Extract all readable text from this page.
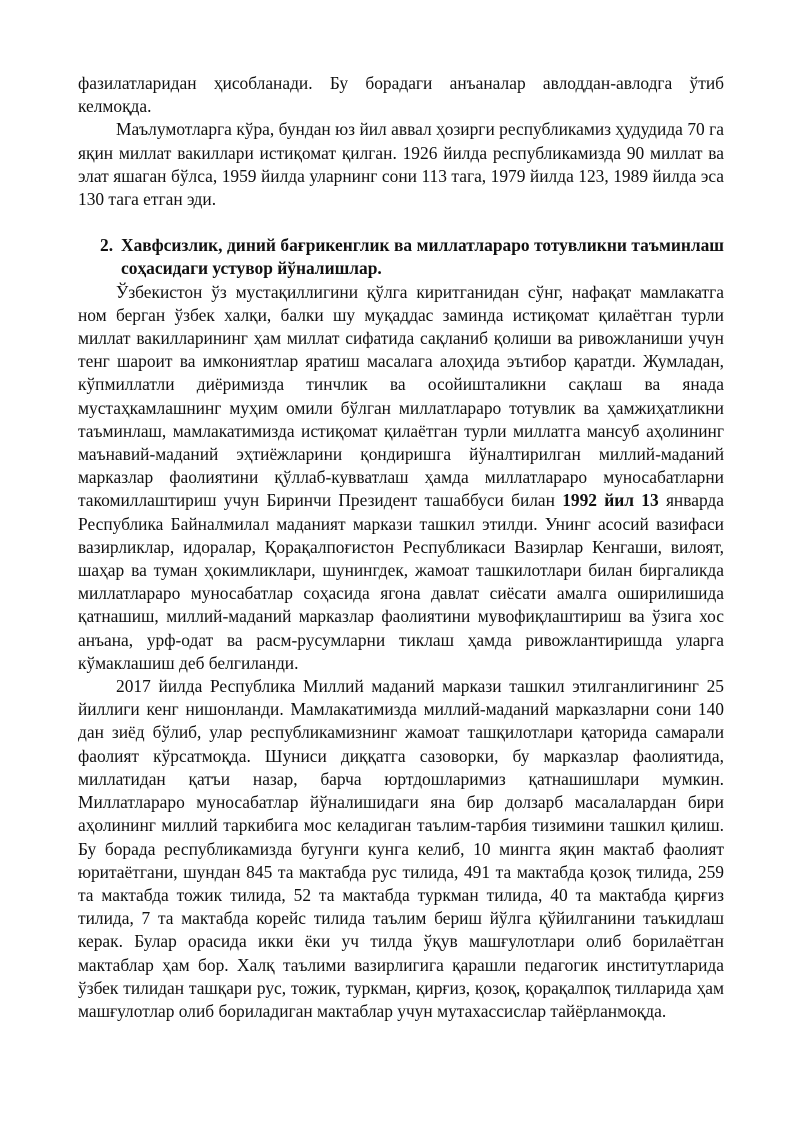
фазилатларидан ҳисобланади. Бу борадаги анъаналар авлоддан-авлодга ўтиб келмоқда.

Маълумотларга кўра, бундан юз йил аввал ҳозирги республикамиз ҳудудида 70 га яқин миллат вакиллари истиқомат қилган. 1926 йилда республикамизда 90 миллат ва элат яшаган бўлса, 1959 йилда уларнинг сони 113 тага, 1979 йилда 123, 1989 йилда эса 130 тага етган эди.

2. Хавфсизлик, диний бағрикенглик ва миллатлараро тотувликни таъминлаш соҳасидаги устувор йўналишлар.

Ўзбекистон ўз мустақиллигини қўлга киритганидан сўнг, нафақат мамлакатга ном берган ўзбек халқи, балки шу муқаддас заминда истиқомат қилаётган турли миллат вакилларининг ҳам миллат сифатида сақланиб қолиши ва ривожланиши учун тенг шароит ва имкониятлар яратиш масалага алоҳида эътибор қаратди. Жумладан, кўпмиллатли диёримизда тинчлик ва осойишталикни сақлаш ва янада мустаҳкамлашнинг муҳим омили бўлган миллатлараро тотувлик ва ҳамжиҳатликни таъминлаш, мамлакатимизда истиқомат қилаётган турли миллатга мансуб аҳолининг маънавий-маданий эҳтиёжларини қондиришга йўналтирилган миллий-маданий марказлар фаолиятини қўллаб-кувватлаш ҳамда миллатлараро муносабатларни такомиллаштириш учун Биринчи Президент ташаббуси билан 1992 йил 13 январда Республика Байналмилал маданият маркази ташкил этилди. Унинг асосий вазифаси вазирликлар, идоралар, Қорақалпоғистон Республикаси Вазирлар Кенгаши, вилоят, шаҳар ва туман ҳокимликлари, шунингдек, жамоат ташкилотлари билан биргаликда миллатлараро муносабатлар соҳасида ягона давлат сиёсати амалга оширилишида қатнашиш, миллий-маданий марказлар фаолиятини мувофиқлаштириш ва ўзига хос анъана, урф-одат ва расм-русумларни тиклаш ҳамда ривожлантиришда уларга кўмаклашиш деб белгиланди.

2017 йилда Республика Миллий маданий маркази ташкил этилганлигининг 25 йиллиги кенг нишонланди. Мамлакатимизда миллий-маданий марказларни сони 140 дан зиёд бўлиб, улар республикамизнинг жамоат ташқилотлари қаторида самарали фаолият кўрсатмоқда. Шуниси диққатга сазоворки, бу марказлар фаолиятида, миллатидан қатъи назар, барча юртдошларимиз қатнашишлари мумкин. Миллатлараро муносабатлар йўналишидаги яна бир долзарб масалалардан бири аҳолининг миллий таркибига мос келадиган таълим-тарбия тизимини ташкил қилиш. Бу борада республикамизда бугунги кунга келиб, 10 мингга яқин мактаб фаолият юритаётгани, шундан 845 та мактабда рус тилида, 491 та мактабда қозоқ тилида, 259 та мактабда тожик тилида, 52 та мактабда туркман тилида, 40 та мактабда қирғиз тилида, 7 та мактабда корейс тилида таълим бериш йўлга қўйилганини таъкидлаш керак. Булар орасида икки ёки уч тилда ўқув машғулотлари олиб борилаётган мактаблар ҳам бор. Халқ таълими вазирлигига қарашли педагогик институтларида ўзбек тилидан ташқари рус, тожик, туркман, қирғиз, қозоқ, қорақалпоқ тилларида ҳам машғулотлар олиб бориладиган мактаблар учун мутахассислар тайёрланмоқда.
